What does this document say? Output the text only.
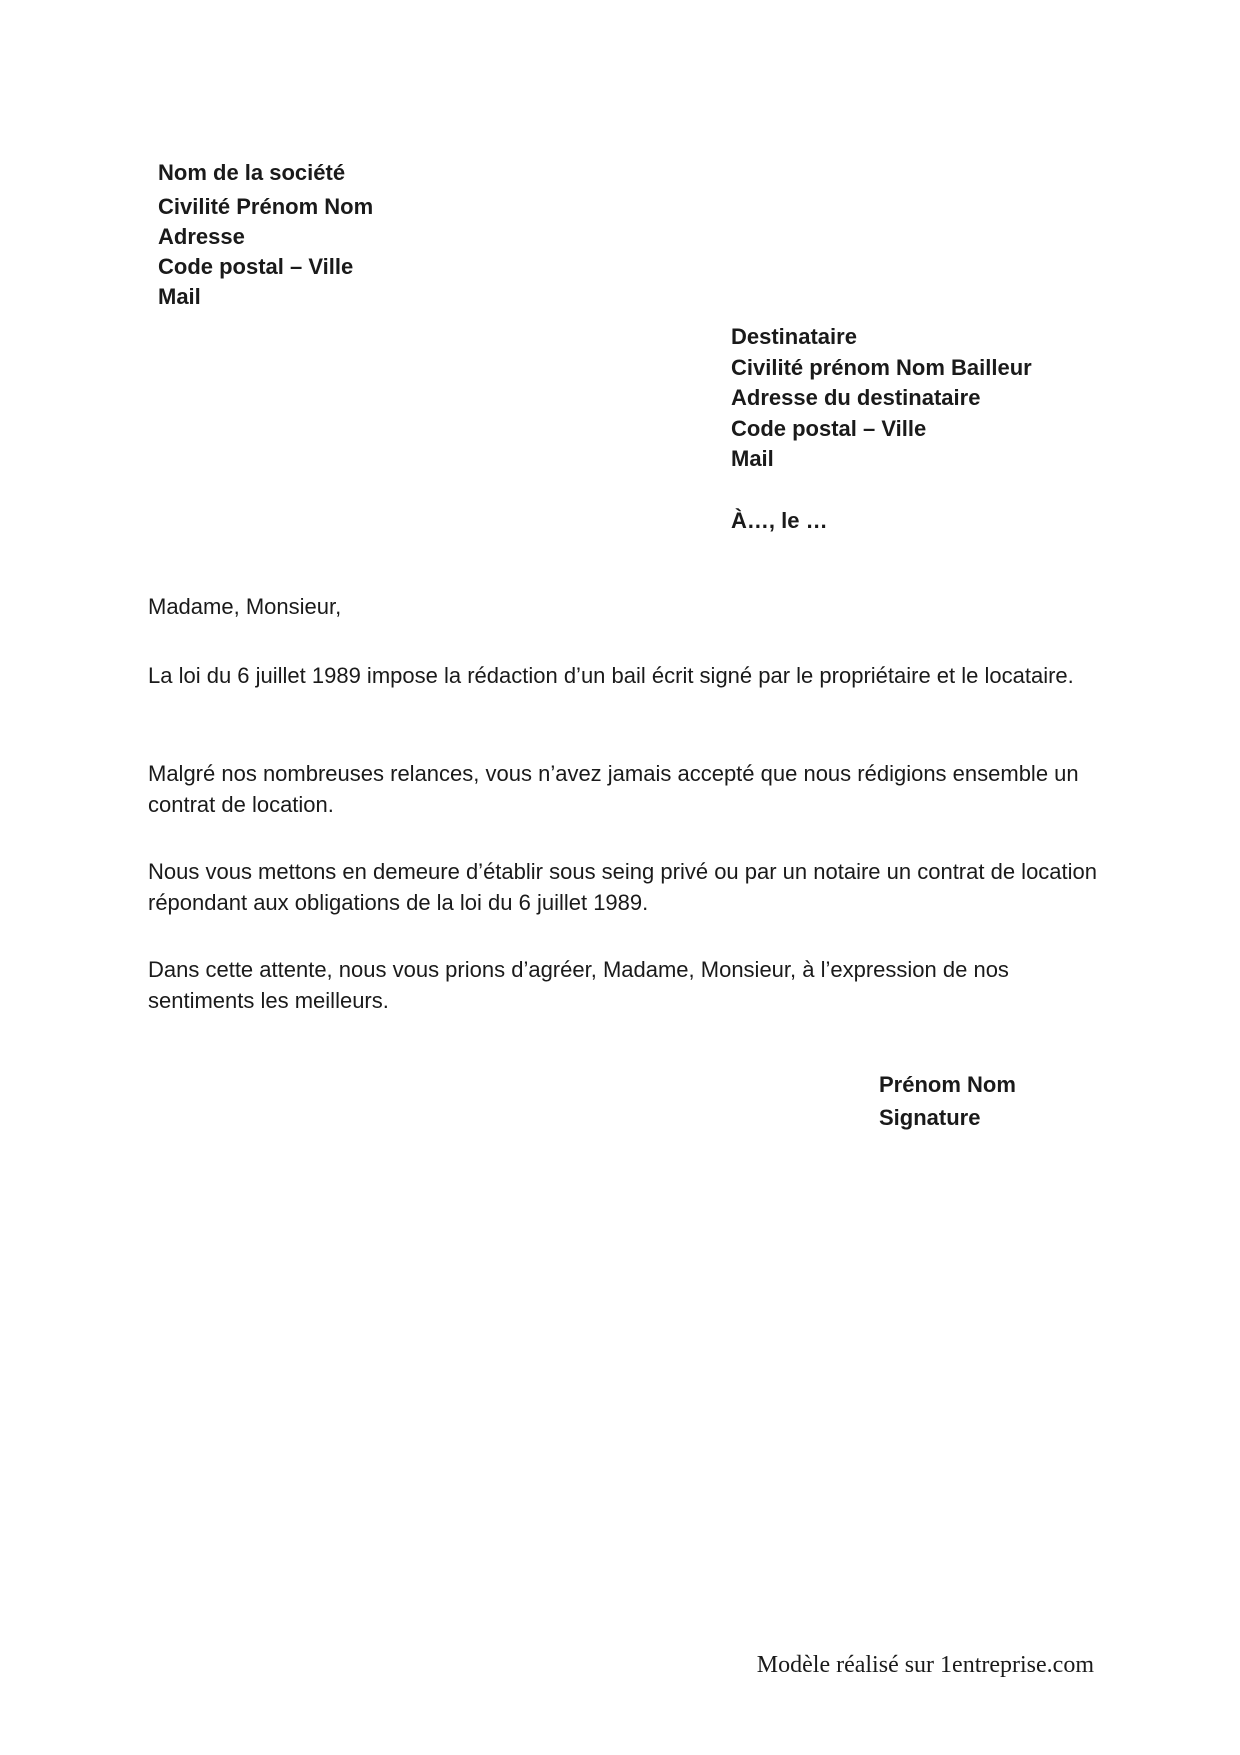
Nom de la société
Civilité Prénom Nom
Adresse
Code postal – Ville
Mail
Destinataire
Civilité prénom Nom Bailleur
Adresse du destinataire
Code postal – Ville
Mail
À…, le …
Madame, Monsieur,

La loi du 6 juillet 1989 impose la rédaction d’un bail écrit signé par le propriétaire et le locataire.

Malgré nos nombreuses relances, vous n’avez jamais accepté que nous rédigions ensemble un contrat de location.

Nous vous mettons en demeure d’établir sous seing privé ou par un notaire un contrat de location répondant aux obligations de la loi du 6 juillet 1989.

Dans cette attente, nous vous prions d’agréer, Madame, Monsieur, à l’expression de nos sentiments les meilleurs.

Prénom Nom
Signature
Modèle réalisé sur 1entreprise.com
